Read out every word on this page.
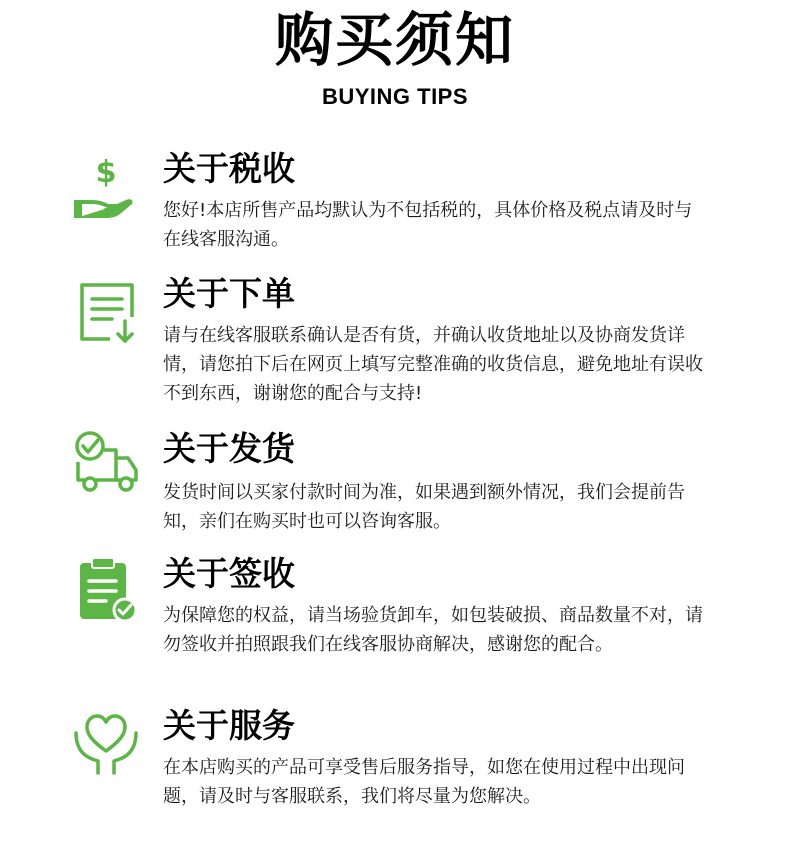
购买须知
BUYING TIPS
$ 关于税收
您好!本店所售产品均默认为不包括税的，具体价格及税点请及时与在线客服沟通。
关于下单
请与在线客服联系确认是否有货，并确认收货地址以及协商发货详情，请您拍下后在网页上填写完整准确的收货信息，避免地址有误收不到东西，谢谢您的配合与支持!
关于发货
发货时间以买家付款时间为准，如果遇到额外情况，我们会提前告知，亲们在购买时也可以咨询客服。
关于签收
为保障您的权益，请当场验货卸车，如包装破损、商品数量不对，请勿签收并拍照跟我们在线客服协商解决，感谢您的配合。
关于服务
在本店购买的产品可享受售后服务指导，如您在使用过程中出现问题，请及时与客服联系，我们将尽量为您解决。
